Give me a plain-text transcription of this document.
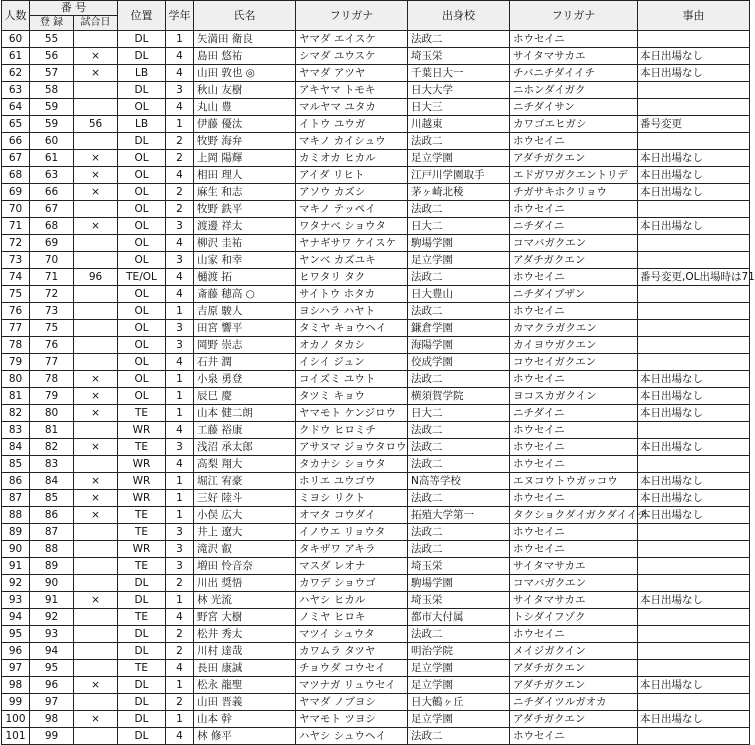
人数	番 号		位置	学年	氏名	フリガナ	出身校	フリガナ	事由
	登 録	試合日							
60	55		DL	1	矢満田 衛良	ヤマダ エイスケ	法政二	ホウセイニ	
61	56	×	DL	4	島田 悠祐	シマダ ユウスケ	埼玉栄	サイタマサカエ	本日出場なし
62	57	×	LB	4	山田 敦也 ◎	ヤマダ アツヤ	千葉日大一	チバニチダイイチ	本日出場なし
63	58		DL	3	秋山 友樹	アキヤマ トモキ	日大大学	ニホンダイガク	
64	59		OL	4	丸山 豊	マルヤマ ユタカ	日大三	ニチダイサン	
65	59	56	LB	1	伊藤 優汰	イトウ ユウガ	川越東	カワゴエヒガシ	番号変更
66	60		DL	2	牧野 海弁	マキノ カイシュウ	法政二	ホウセイニ	
67	61	×	OL	2	上岡 陽輝	カミオカ ヒカル	足立学園	アダチガクエン	本日出場なし
68	63	×	OL	4	相田 理人	アイダ リヒト	江戸川学園取手	エドガワガクエントリデ	本日出場なし
69	66	×	OL	2	麻生 和志	アソウ カズシ	茅ヶ崎北稜	チガサキホクリョウ	本日出場なし
70	67		OL	2	牧野 鉄平	マキノ テッペイ	法政二	ホウセイニ	
71	68	×	OL	3	渡邊 祥太	ワタナベ ショウタ	日大二	ニチダイニ	本日出場なし
72	69		OL	4	柳沢 圭祐	ヤナギサワ ケイスケ	駒場学園	コマバガクエン	
73	70		OL	3	山家 和幸	ヤンベ カズユキ	足立学園	アダチガクエン	
74	71	96	TE/OL	4	樋渡 拓	ヒワタリ タク	法政二	ホウセイニ	番号変更,OL出場時は71
75	72		OL	4	斎藤 穂高 ○	サイトウ ホタカ	日大豊山	ニチダイブザン	
76	73		OL	1	吉原 駿人	ヨシハラ ハヤト	法政二	ホウセイニ	
77	75		OL	3	田宮 響平	タミヤ キョウヘイ	鎌倉学園	カマクラガクエン	
78	76		OL	3	岡野 崇志	オカノ タカシ	海陽学園	カイヨウガクエン	
79	77		OL	4	石井 潤	イシイ ジュン	佼成学園	コウセイガクエン	
80	78	×	OL	1	小泉 勇登	コイズミ ユウト	法政二	ホウセイニ	本日出場なし
81	79	×	OL	1	辰巳 慶	タツミ キョウ	横須賀学院	ヨコスカガクイン	本日出場なし
82	80	×	TE	1	山本 健二朗	ヤマモト ケンジロウ	日大二	ニチダイニ	本日出場なし
83	81		WR	4	工藤 裕康	クドウ ヒロミチ	法政二	ホウセイニ	
84	82	×	TE	3	浅沼 承太郎	アサヌマ ジョウタロウ	法政二	ホウセイニ	本日出場なし
85	83		WR	4	高梨 翔大	タカナシ ショウタ	法政二	ホウセイニ	
86	84	×	WR	1	堀江 宥豪	ホリエ ユウゴウ	N高等学校	エヌコウトウガッコウ	本日出場なし
87	85	×	WR	1	三好 陸斗	ミヨシ リクト	法政二	ホウセイニ	本日出場なし
88	86	×	TE	1	小俣 広大	オマタ コウダイ	拓殖大学第一	タクショクダイガクダイイチ	本日出場なし
89	87		TE	3	井上 遼大	イノウエ リョウタ	法政二	ホウセイニ	
90	88		WR	3	滝沢 叡	タキザワ アキラ	法政二	ホウセイニ	
91	89		TE	3	増田 怜音奈	マスダ レオナ	埼玉栄	サイタマサカエ	
92	90		DL	2	川出 奨悟	カワデ ショウゴ	駒場学園	コマバガクエン	
93	91	×	DL	1	林 光流	ハヤシ ヒカル	埼玉栄	サイタマサカエ	本日出場なし
94	92		TE	4	野宮 大樹	ノミヤ ヒロキ	都市大付属	トシダイフゾク	
95	93		DL	2	松井 秀太	マツイ シュウタ	法政二	ホウセイニ	
96	94		DL	2	川村 達哉	カワムラ タツヤ	明治学院	メイジガクイン	
97	95		TE	4	長田 康誠	チョウダ コウセイ	足立学園	アダチガクエン	
98	96	×	DL	1	松永 龍聖	マツナガ リュウセイ	足立学園	アダチガクエン	本日出場なし
99	97		DL	2	山田 晋義	ヤマダ ノブヨシ	日大鶴ヶ丘	ニチダイツルガオカ	
100	98	×	DL	1	山本 幹	ヤマモト ツヨシ	足立学園	アダチガクエン	本日出場なし
101	99		DL	4	林 修平	ハヤシ シュウヘイ	法政二	ホウセイニ	
